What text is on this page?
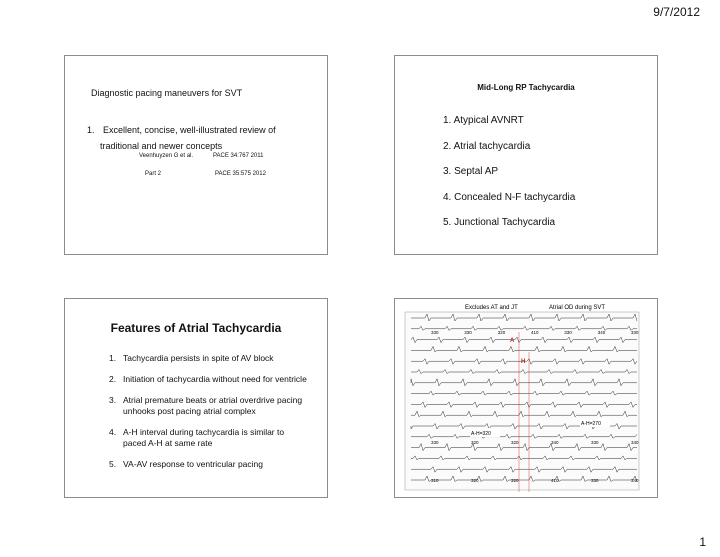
9/7/2012
Diagnostic pacing maneuvers for SVT
1. Excellent, concise, well-illustrated review of
traditional and newer concepts
Veenhuyzen G et al.	PACE 34:767 2011
Part 2	PACE 35:575 2012
Mid-Long RP Tachycardia
1. Atypical AVNRT
2. Atrial tachycardia
3. Septal AP
4. Concealed N-F tachycardia
5. Junctional Tachycardia
Features of Atrial Tachycardia
1. Tachycardia persists in spite of AV block
2. Initiation of tachycardia without need for ventricle
3. Atrial premature beats or atrial overdrive pacing unhooks post pacing atrial complex
4. A-H interval during tachycardia is similar to paced A-H at same rate
5. VA-AV response to ventricular pacing
Excludes AT and JT	Atrial OD during SVT
330	330	320	410	330	340	330
330	320	320	340	330	340
310	320	320	410	330	340
A
H
A-H=270
A-H=320
1
